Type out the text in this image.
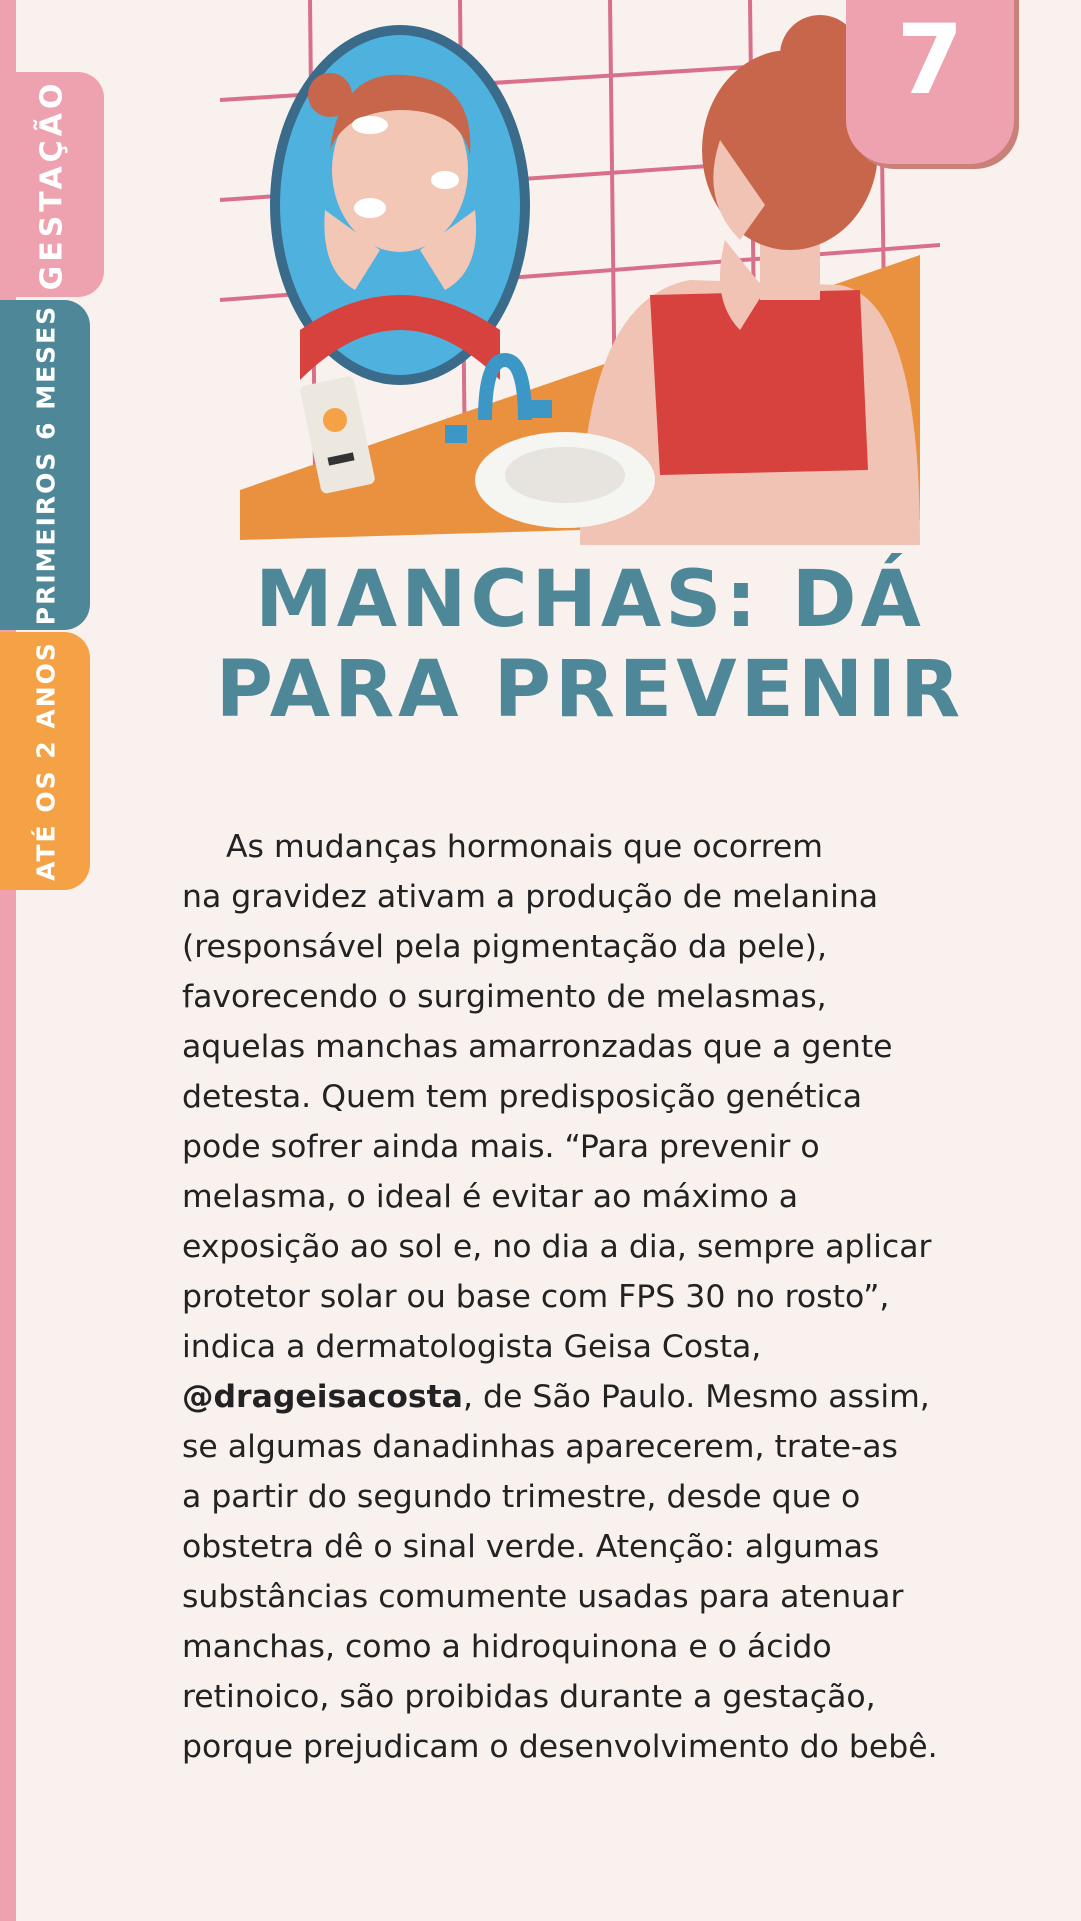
GESTAÇÃO
PRIMEIROS 6 MESES
ATÉ OS 2 ANOS
7
MANCHAS: DÁ
PARA PREVENIR
As mudanças hormonais que ocorrem
na gravidez ativam a produção de melanina
(responsável pela pigmentação da pele),
favorecendo o surgimento de melasmas,
aquelas manchas amarronzadas que a gente
detesta. Quem tem predisposição genética
pode sofrer ainda mais. “Para prevenir o
melasma, o ideal é evitar ao máximo a
exposição ao sol e, no dia a dia, sempre aplicar
protetor solar ou base com FPS 30 no rosto”,
indica a dermatologista Geisa Costa,
@drageisacosta, de São Paulo. Mesmo assim,
se algumas danadinhas aparecerem, trate-as
a partir do segundo trimestre, desde que o
obstetra dê o sinal verde. Atenção: algumas
substâncias comumente usadas para atenuar
manchas, como a hidroquinona e o ácido
retinoico, são proibidas durante a gestação,
porque prejudicam o desenvolvimento do bebê.
